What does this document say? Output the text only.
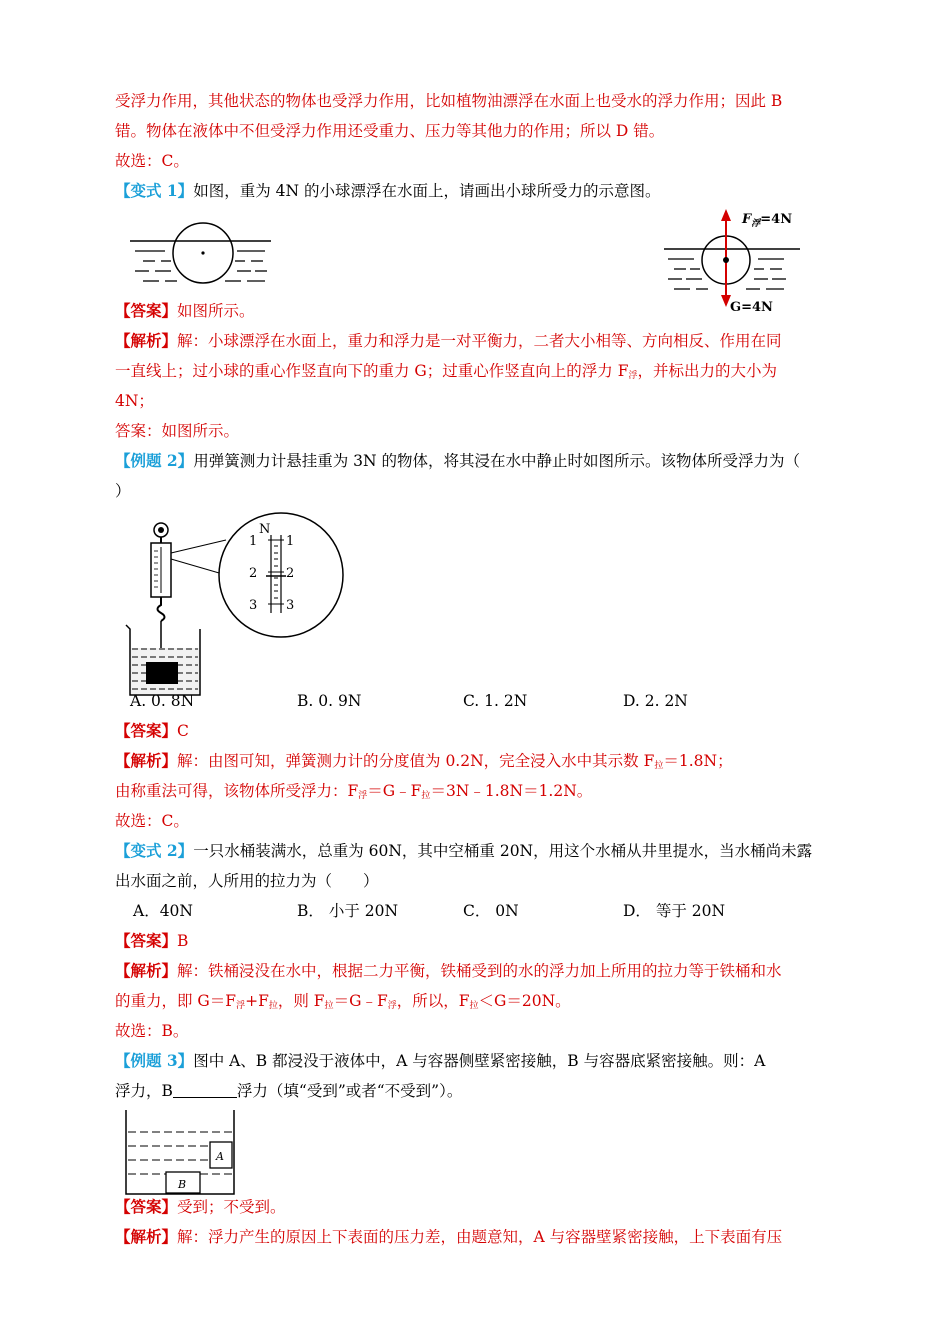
受浮力作用，其他状态的物体也受浮力作用，比如植物油漂浮在水面上也受水的浮力作用；因此 B
错。物体在液体中不但受浮力作用还受重力、压力等其他力的作用；所以 D 错。
故选：C。
【变式 1】如图，重为 4N 的小球漂浮在水面上，请画出小球所受力的示意图。
$F_浮=4N$
G=4N
【答案】如图所示。
【解析】解：小球漂浮在水面上，重力和浮力是一对平衡力，二者大小相等、方向相反、作用在同
一直线上；过小球的重心作竖直向下的重力 G；过重心作竖直向上的浮力 $F_浮$，并标出力的大小为
4N；
答案：如图所示。
【例题 2】用弹簧测力计悬挂重为 3N 的物体，将其浸在水中静止时如图所示。该物体所受浮力为（
）
N
1 1
2 2
3 3
A. 0. 8N	B. 0. 9N	C. 1. 2N	D. 2. 2N
【答案】C
【解析】解：由图可知，弹簧测力计的分度值为 0.2N，完全浸入水中其示数 $F_拉=1.8N$；
由称重法可得，该物体所受浮力：$F_浮=G﹣F_拉=3N﹣1.8N=1.2N$。
故选：C。
【变式 2】一只水桶装满水，总重为 60N，其中空桶重 20N，用这个水桶从井里提水，当水桶尚未露
出水面之前，人所用的拉力为（　　）
A．40N	B． 小于 20N	C． 0N	D． 等于 20N
【答案】B
【解析】解：铁桶浸没在水中，根据二力平衡，铁桶受到的水的浮力加上所用的拉力等于铁桶和水
的重力，即 $G=F_浮+F_拉$，则 $F_拉=G﹣F_浮$，所以，$F_拉<G=20N$。
故选：B。
【例题 3】图中 A、B 都浸没于液体中，A 与容器侧壁紧密接触，B 与容器底紧密接触。则：A
浮力，B	浮力（填“受到”或者“不受到”）。
A
B
【答案】受到；不受到。
【解析】解：浮力产生的原因上下表面的压力差，由题意知，A 与容器壁紧密接触，上下表面有压
